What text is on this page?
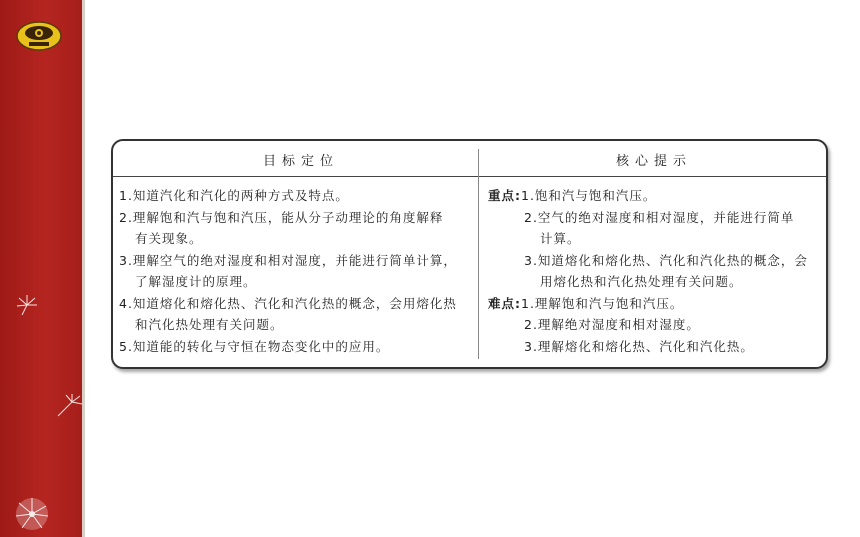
目标定位	核心提示
1.知道汽化和汽化的两种方式及特点。
2.理解饱和汽与饱和汽压，能从分子动理论的角度解释
有关现象。
3.理解空气的绝对湿度和相对湿度，并能进行简单计算，
了解湿度计的原理。
4.知道熔化和熔化热、汽化和汽化热的概念，会用熔化热
和汽化热处理有关问题。
5.知道能的转化与守恒在物态变化中的应用。
重点:1.饱和汽与饱和汽压。
2.空气的绝对湿度和相对湿度，并能进行简单
计算。
3.知道熔化和熔化热、汽化和汽化热的概念，会
用熔化热和汽化热处理有关问题。
难点:1.理解饱和汽与饱和汽压。
2.理解绝对湿度和相对湿度。
3.理解熔化和熔化热、汽化和汽化热。
